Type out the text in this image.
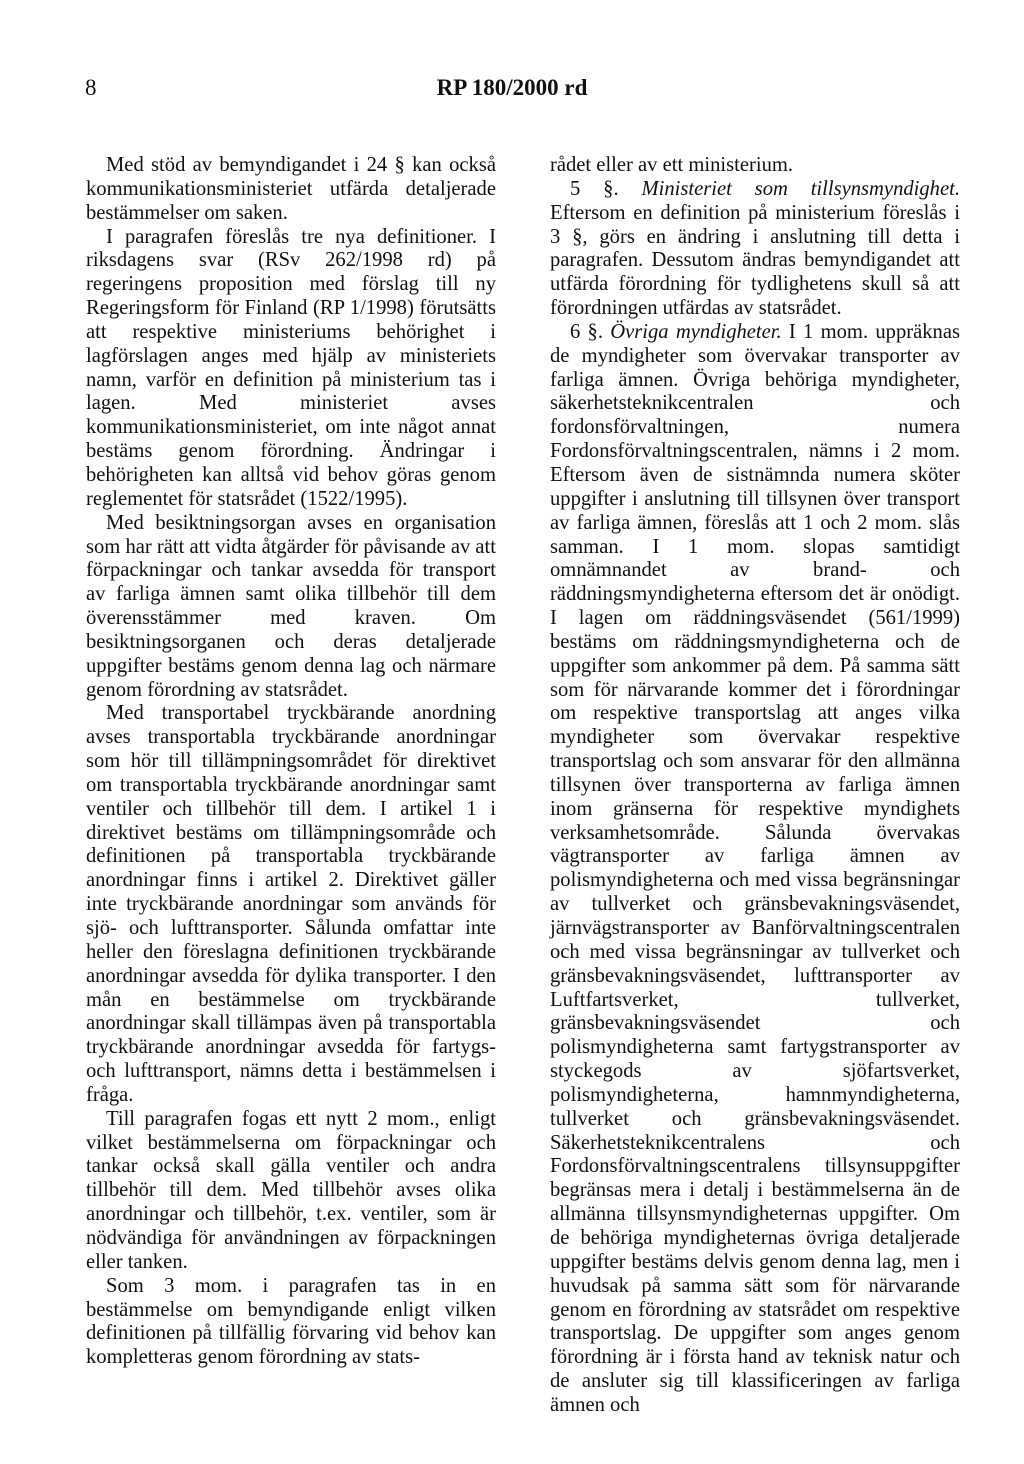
8	RP 180/2000 rd

Med stöd av bemyndigandet i 24 § kan också kommunikationsministeriet utfärda detaljerade bestämmelser om saken.

I paragrafen föreslås tre nya definitioner. I riksdagens svar (RSv 262/1998 rd) på regeringens proposition med förslag till ny Regeringsform för Finland (RP 1/1998) förutsätts att respektive ministeriums behörighet i lagförslagen anges med hjälp av ministeriets namn, varför en definition på ministerium tas i lagen. Med ministeriet avses kommunikationsministeriet, om inte något annat bestäms genom förordning. Ändringar i behörigheten kan alltså vid behov göras genom reglementet för statsrådet (1522/1995).

Med besiktningsorgan avses en organisation som har rätt att vidta åtgärder för påvisande av att förpackningar och tankar avsedda för transport av farliga ämnen samt olika tillbehör till dem överensstämmer med kraven. Om besiktningsorganen och deras detaljerade uppgifter bestäms genom denna lag och närmare genom förordning av statsrådet.

Med transportabel tryckbärande anordning avses transportabla tryckbärande anordningar som hör till tillämpningsområdet för direktivet om transportabla tryckbärande anordningar samt ventiler och tillbehör till dem. I artikel 1 i direktivet bestäms om tillämpningsområde och definitionen på transportabla tryckbärande anordningar finns i artikel 2. Direktivet gäller inte tryckbärande anordningar som används för sjö- och lufttransporter. Sålunda omfattar inte heller den föreslagna definitionen tryckbärande anordningar avsedda för dylika transporter. I den mån en bestämmelse om tryckbärande anordningar skall tillämpas även på transportabla tryckbärande anordningar avsedda för fartygs- och lufttransport, nämns detta i bestämmelsen i fråga.

Till paragrafen fogas ett nytt 2 mom., enligt vilket bestämmelserna om förpackningar och tankar också skall gälla ventiler och andra tillbehör till dem. Med tillbehör avses olika anordningar och tillbehör, t.ex. ventiler, som är nödvändiga för användningen av förpackningen eller tanken.

Som 3 mom. i paragrafen tas in en bestämmelse om bemyndigande enligt vilken definitionen på tillfällig förvaring vid behov kan kompletteras genom förordning av stats-

rådet eller av ett ministerium.

5 §. Ministeriet som tillsynsmyndighet. Eftersom en definition på ministerium föreslås i 3 §, görs en ändring i anslutning till detta i paragrafen. Dessutom ändras bemyndigandet att utfärda förordning för tydlighetens skull så att förordningen utfärdas av statsrådet.

6 §. Övriga myndigheter. I 1 mom. uppräknas de myndigheter som övervakar transporter av farliga ämnen. Övriga behöriga myndigheter, säkerhetsteknikcentralen och fordonsförvaltningen, numera Fordonsförvaltningscentralen, nämns i 2 mom. Eftersom även de sistnämnda numera sköter uppgifter i anslutning till tillsynen över transport av farliga ämnen, föreslås att 1 och 2 mom. slås samman. I 1 mom. slopas samtidigt omnämnandet av brand- och räddningsmyndigheterna eftersom det är onödigt. I lagen om räddningsväsendet (561/1999) bestäms om räddningsmyndigheterna och de uppgifter som ankommer på dem. På samma sätt som för närvarande kommer det i förordningar om respektive transportslag att anges vilka myndigheter som övervakar respektive transportslag och som ansvarar för den allmänna tillsynen över transporterna av farliga ämnen inom gränserna för respektive myndighets verksamhetsområde. Sålunda övervakas vägtransporter av farliga ämnen av polismyndigheterna och med vissa begränsningar av tullverket och gränsbevakningsväsendet, järnvägstransporter av Banförvaltningscentralen och med vissa begränsningar av tullverket och gränsbevakningsväsendet, lufttransporter av Luftfartsverket, tullverket, gränsbevakningsväsendet och polismyndigheterna samt fartygstransporter av styckegods av sjöfartsverket, polismyndigheterna, hamnmyndigheterna, tullverket och gränsbevakningsväsendet. Säkerhetsteknikcentralens och Fordonsförvaltningscentralens tillsynsuppgifter begränsas mera i detalj i bestämmelserna än de allmänna tillsynsmyndigheternas uppgifter. Om de behöriga myndigheternas övriga detaljerade uppgifter bestäms delvis genom denna lag, men i huvudsak på samma sätt som för närvarande genom en förordning av statsrådet om respektive transportslag. De uppgifter som anges genom förordning är i första hand av teknisk natur och de ansluter sig till klassificeringen av farliga ämnen och
